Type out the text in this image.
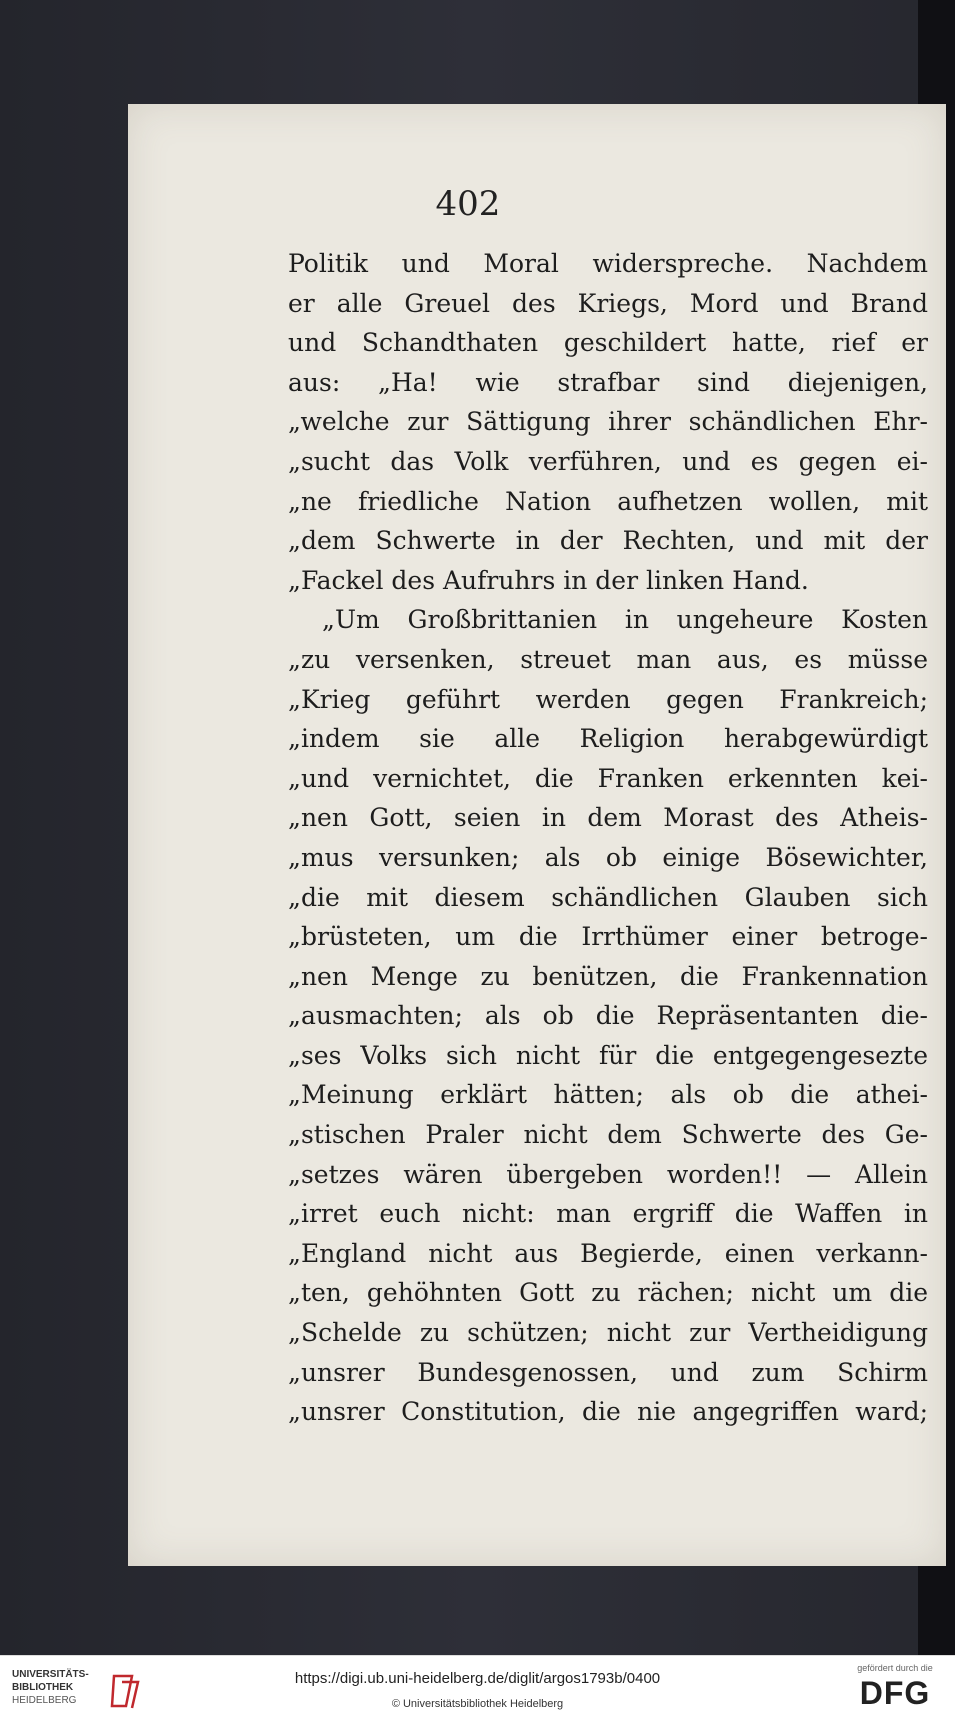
402
Politik und Moral widerspreche. Nachdem
er alle Greuel des Kriegs, Mord und Brand
und Schandthaten geschildert hatte, rief er
aus: „Ha! wie strafbar sind diejenigen,
„welche zur Sättigung ihrer schändlichen Ehr-
„sucht das Volk verführen, und es gegen ei-
„ne friedliche Nation aufhetzen wollen, mit
„dem Schwerte in der Rechten, und mit der
„Fackel des Aufruhrs in der linken Hand.
„Um Großbrittanien in ungeheure Kosten
„zu versenken, streuet man aus, es müsse
„Krieg geführt werden gegen Frankreich;
„indem sie alle Religion herabgewürdigt
„und vernichtet, die Franken erkennten kei-
„nen Gott, seien in dem Morast des Atheis-
„mus versunken; als ob einige Bösewichter,
„die mit diesem schändlichen Glauben sich
„brüsteten, um die Irrthümer einer betroge-
„nen Menge zu benützen, die Frankennation
„ausmachten; als ob die Repräsentanten die-
„ses Volks sich nicht für die entgegengesezte
„Meinung erklärt hätten; als ob die athei-
„stischen Praler nicht dem Schwerte des Ge-
„setzes wären übergeben worden!! — Allein
„irret euch nicht: man ergriff die Waffen in
„England nicht aus Begierde, einen verkann-
„ten, gehöhnten Gott zu rächen; nicht um die
„Schelde zu schützen; nicht zur Vertheidigung
„unsrer Bundesgenossen, und zum Schirm
„unsrer Constitution, die nie angegriffen ward;
UNIVERSITÄTS-
BIBLIOTHEK
HEIDELBERG
https://digi.ub.uni-heidelberg.de/diglit/argos1793b/0400
© Universitätsbibliothek Heidelberg
gefördert durch die
DFG
